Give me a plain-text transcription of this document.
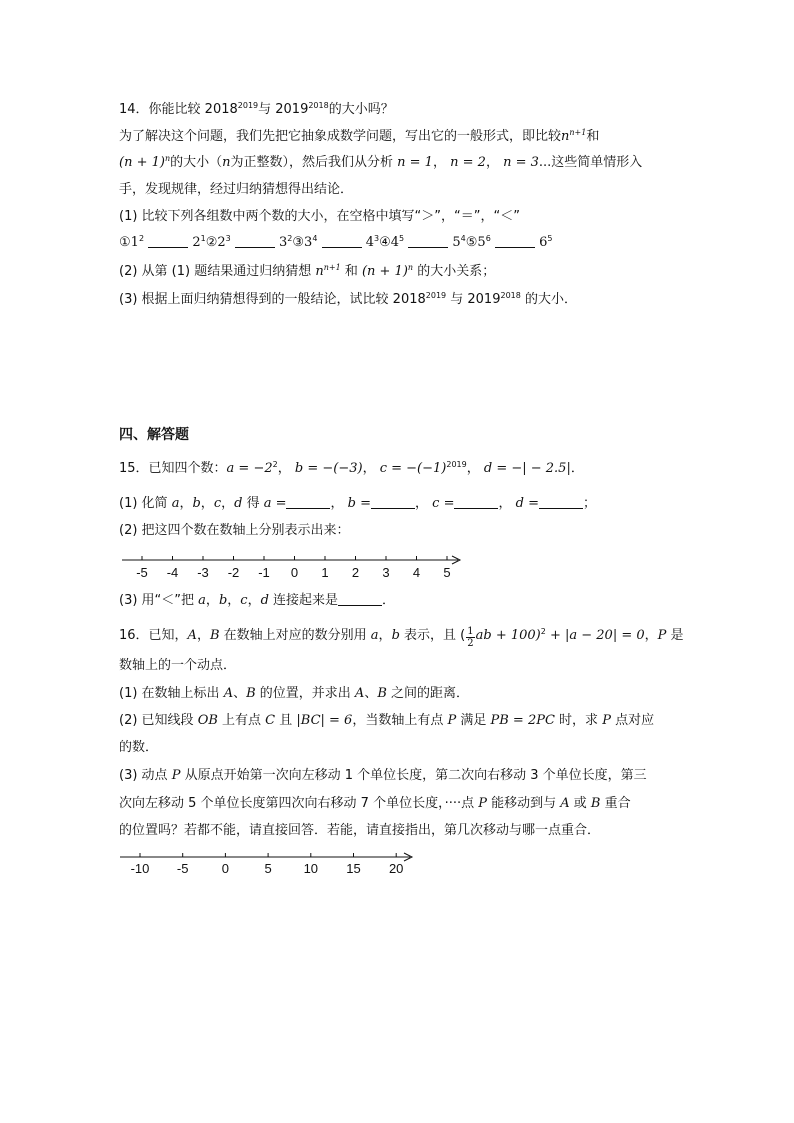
14．你能比较 $2018^{2019}$与 $2019^{2018}$的大小吗？
为了解决这个问题，我们先把它抽象成数学问题，写出它的一般形式，即比较$n^{n+1}$和
$(n + 1)^n$的大小（n为正整数），然后我们从分析 n = 1， n = 2， n = 3...这些简单情形入
手，发现规律，经过归纳猜想得出结论．
(1) 比较下列各组数中两个数的大小，在空格中填写“＞”，“＝”，“＜”
$①1^2$	$2^1②2^3$	$3^2③3^4$	$4^3④4^5$	$5^4⑤5^6$	$6^5$
(2) 从第 (1) 题结果通过归纳猜想 $n^{n+1}$ 和 $(n + 1)^n$ 的大小关系；
(3) 根据上面归纳猜想得到的一般结论，试比较 $2018^{2019}$ 与 $2019^{2018}$ 的大小．
四、解答题
15．已知四个数：$a = -2^2$， b = −(−3)， $c = -(-1)^{2019}$， d = −| − 2.5|．
(1) 化简 a，b，c，d 得 a =	， b =	， c =	， d =	；
(2) 把这四个数在数轴上分别表示出来：
-5 -4 -3 -2 -1 0 1 2 3 4 5
(3) 用“＜”把 a，b，c，d 连接起来是	．
16．已知，A，B 在数轴上对应的数分别用 a，b 表示，且 ( $\frac{1}{2}$ ab + 100)$^2$ + |a − 20| = 0，P 是
数轴上的一个动点．
(1) 在数轴上标出 A、B 的位置，并求出 A、B 之间的距离．
(2) 已知线段 OB 上有点 C 且 |BC| = 6，当数轴上有点 P 满足 PB = 2PC 时，求 P 点对应
的数．
(3) 动点 P 从原点开始第一次向左移动 1 个单位长度，第二次向右移动 3 个单位长度，第三
次向左移动 5 个单位长度第四次向右移动 7 个单位长度，····点 P 能移动到与 A 或 B 重合
的位置吗？若都不能，请直接回答．若能，请直接指出，第几次移动与哪一点重合．
-10 -5	0	5 10 15 20
